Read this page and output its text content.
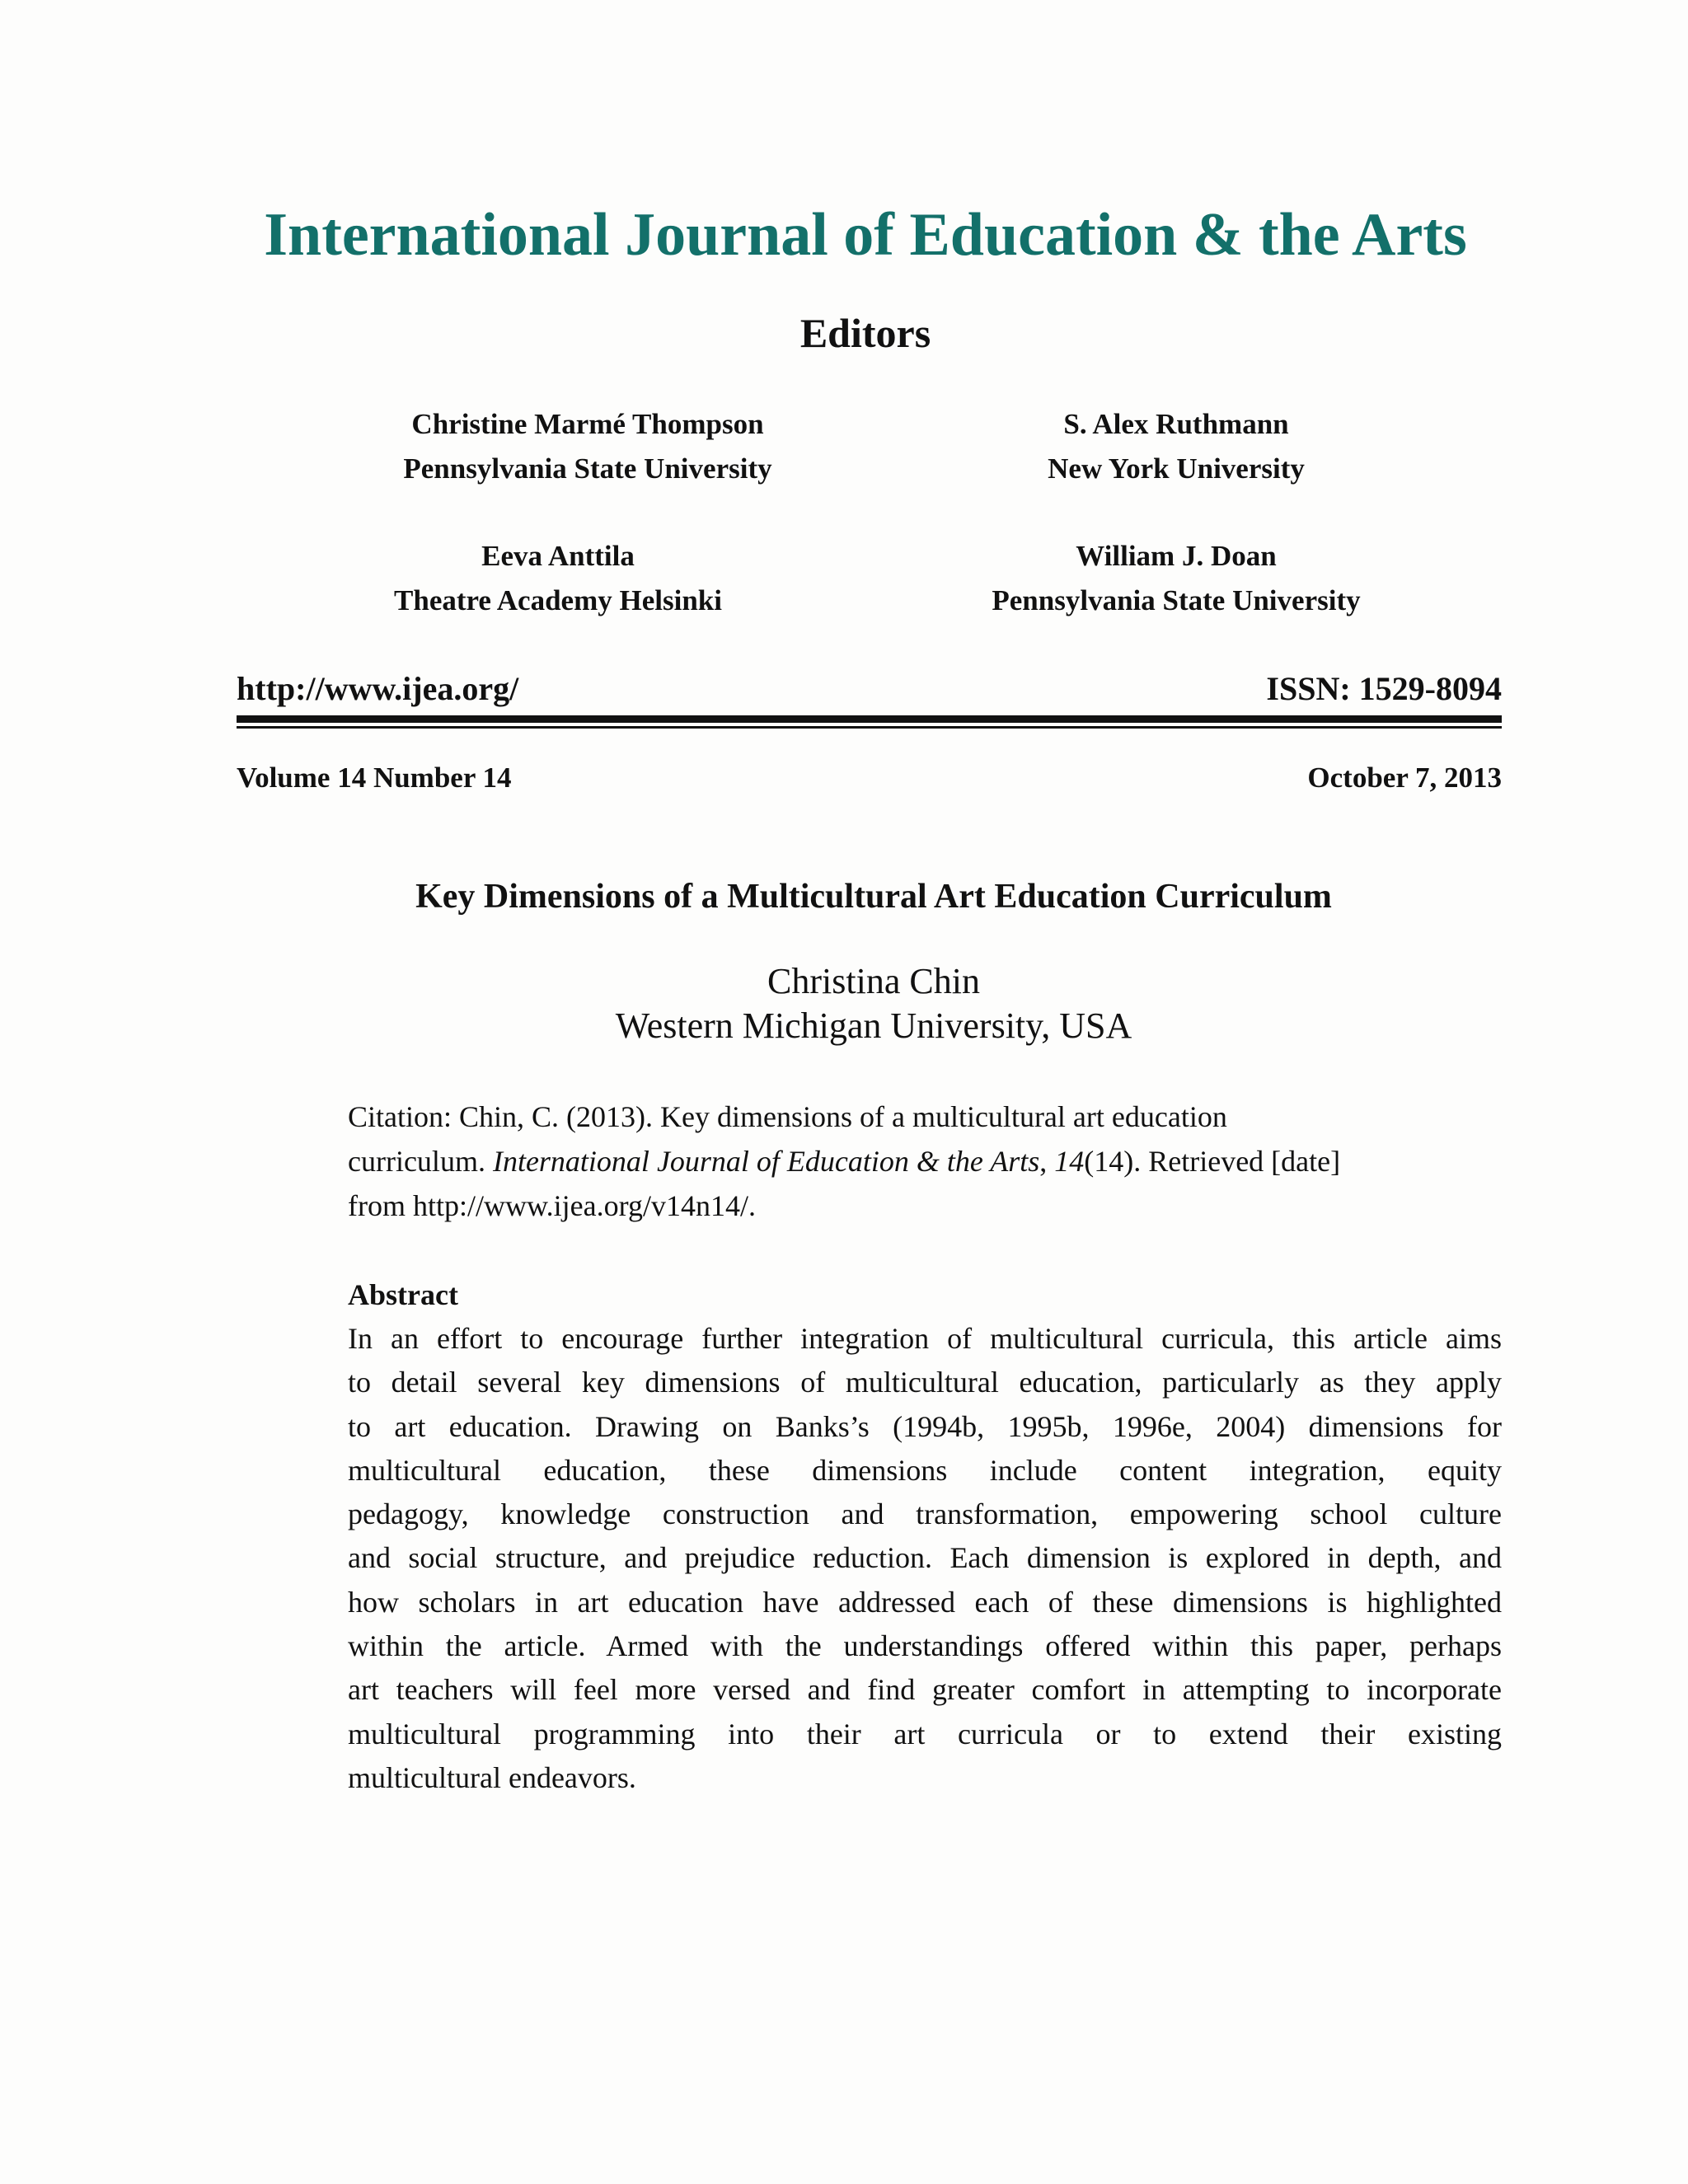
International Journal of Education & the Arts
Editors
Christine Marmé Thompson
Pennsylvania State University
S. Alex Ruthmann
New York University
Eeva Anttila
Theatre Academy Helsinki
William J. Doan
Pennsylvania State University
http://www.ijea.org/	ISSN: 1529-8094
Volume 14 Number 14	October 7, 2013
Key Dimensions of a Multicultural Art Education Curriculum
Christina Chin
Western Michigan University, USA
Citation: Chin, C. (2013). Key dimensions of a multicultural art education
curriculum. International Journal of Education & the Arts, 14(14). Retrieved [date]
from http://www.ijea.org/v14n14/.
Abstract
In an effort to encourage further integration of multicultural curricula, this article aims
to detail several key dimensions of multicultural education, particularly as they apply
to art education. Drawing on Banks’s (1994b, 1995b, 1996e, 2004) dimensions for
multicultural education, these dimensions include content integration, equity
pedagogy, knowledge construction and transformation, empowering school culture
and social structure, and prejudice reduction. Each dimension is explored in depth, and
how scholars in art education have addressed each of these dimensions is highlighted
within the article. Armed with the understandings offered within this paper, perhaps
art teachers will feel more versed and find greater comfort in attempting to incorporate
multicultural programming into their art curricula or to extend their existing
multicultural endeavors.
